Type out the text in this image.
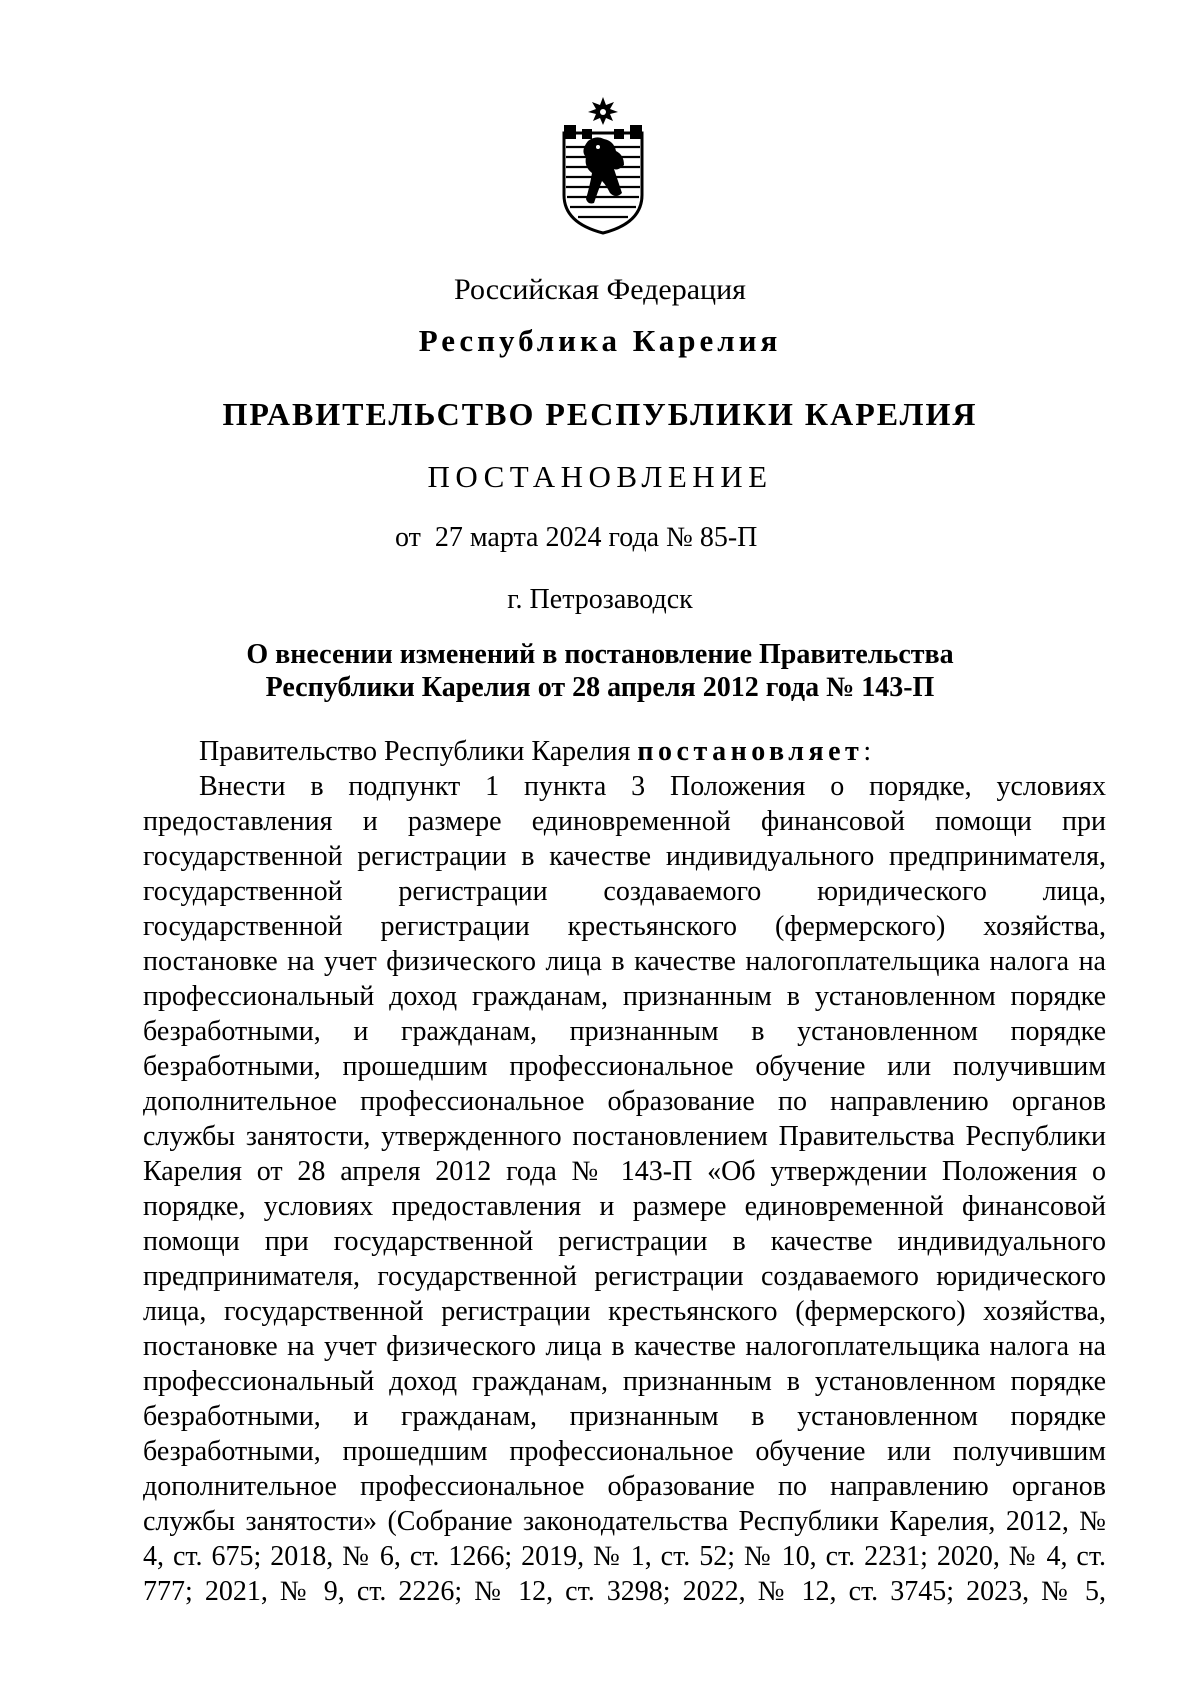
Российская Федерация
Республика Карелия
ПРАВИТЕЛЬСТВО РЕСПУБЛИКИ КАРЕЛИЯ
ПОСТАНОВЛЕНИЕ
от  27 марта 2024 года № 85-П
г. Петрозаводск
О внесении изменений в постановление Правительства
Республики Карелия от 28 апреля 2012 года № 143-П

Правительство Республики Карелия постановляет:

Внести в подпункт 1 пункта 3 Положения о порядке, условиях предоставления и размере единовременной финансовой помощи при государственной регистрации в качестве индивидуального предпринимателя, государственной регистрации создаваемого юридического лица, государственной регистрации крестьянского (фермерского) хозяйства, постановке на учет физического лица в качестве налогоплательщика налога на профессиональный доход гражданам, признанным в установленном порядке безработными, и гражданам, признанным в установленном порядке безработными, прошедшим профессиональное обучение или получившим дополнительное профессиональное образование по направлению органов службы занятости, утвержденного постановлением Правительства Республики Карелия от 28 апреля 2012 года № 143-П «Об утверждении Положения о порядке, условиях предоставления и размере единовременной финансовой помощи при государственной регистрации в качестве индивидуального предпринимателя, государственной регистрации создаваемого юридического лица, государственной регистрации крестьянского (фермерского) хозяйства, постановке на учет физического лица в качестве налогоплательщика налога на профессиональный доход гражданам, признанным в установленном порядке безработными, и гражданам, признанным в установленном порядке безработными, прошедшим профессиональное обучение или получившим дополнительное профессиональное образование по направлению органов службы занятости» (Собрание законодательства Республики Карелия, 2012, № 4, ст. 675; 2018, № 6, ст. 1266; 2019, № 1, ст. 52; № 10, ст. 2231; 2020, № 4, ст. 777; 2021, № 9, ст. 2226; № 12, ст. 3298; 2022, № 12, ст. 3745; 2023, № 5,
